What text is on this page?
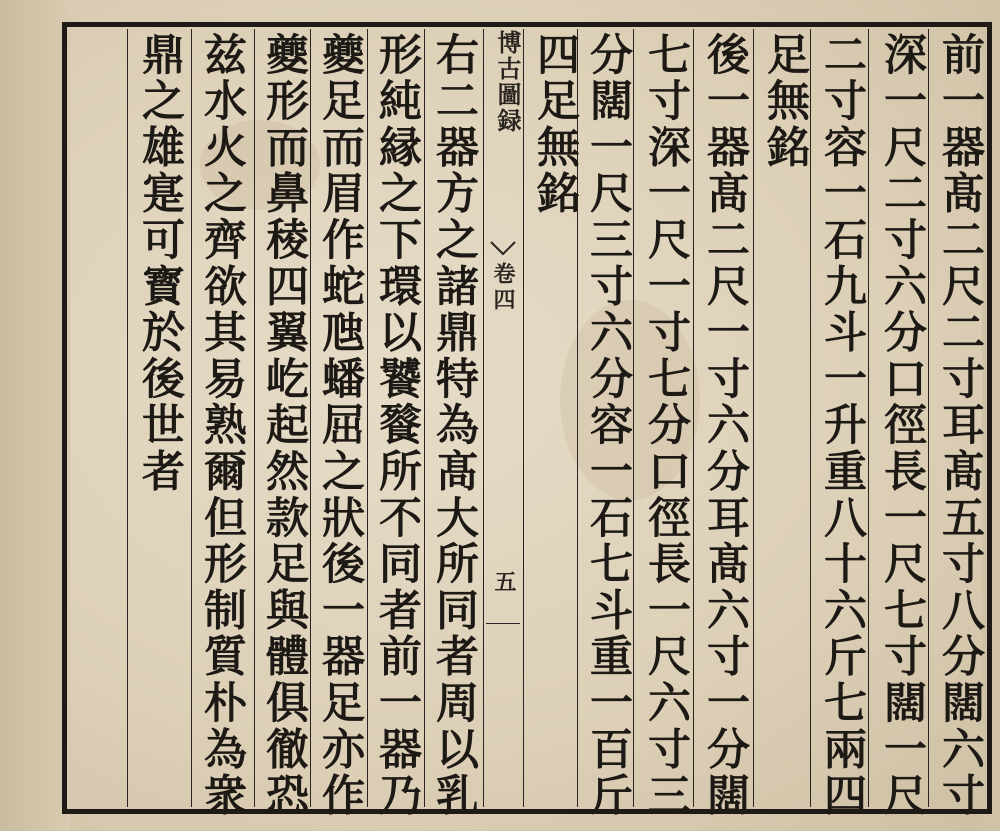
博古圖録
卷四
五	前一器髙二尺二寸耳髙五寸八分闊六寸
深一尺二寸六分口徑長一尺七寸闊一尺
二寸容一石九斗一升重八十六斤七兩四
足無銘
後一器髙二尺一寸六分耳髙六寸一分闊
七寸深一尺一寸七分口徑長一尺六寸三
分闊一尺三寸六分容一石七斗重一百斤
四足無銘
右二器方之諸鼎特為髙大所同者周以乳
形純縁之下環以饕餮所不同者前一器乃
夔足而眉作蛇虺蟠屈之狀後一器足亦作
夔形而鼻稜四翼屹起然款足與體俱徹恐
兹水火之齊欲其易熟爾但形制質朴為衆
鼎之雄寔可寳於後世者
